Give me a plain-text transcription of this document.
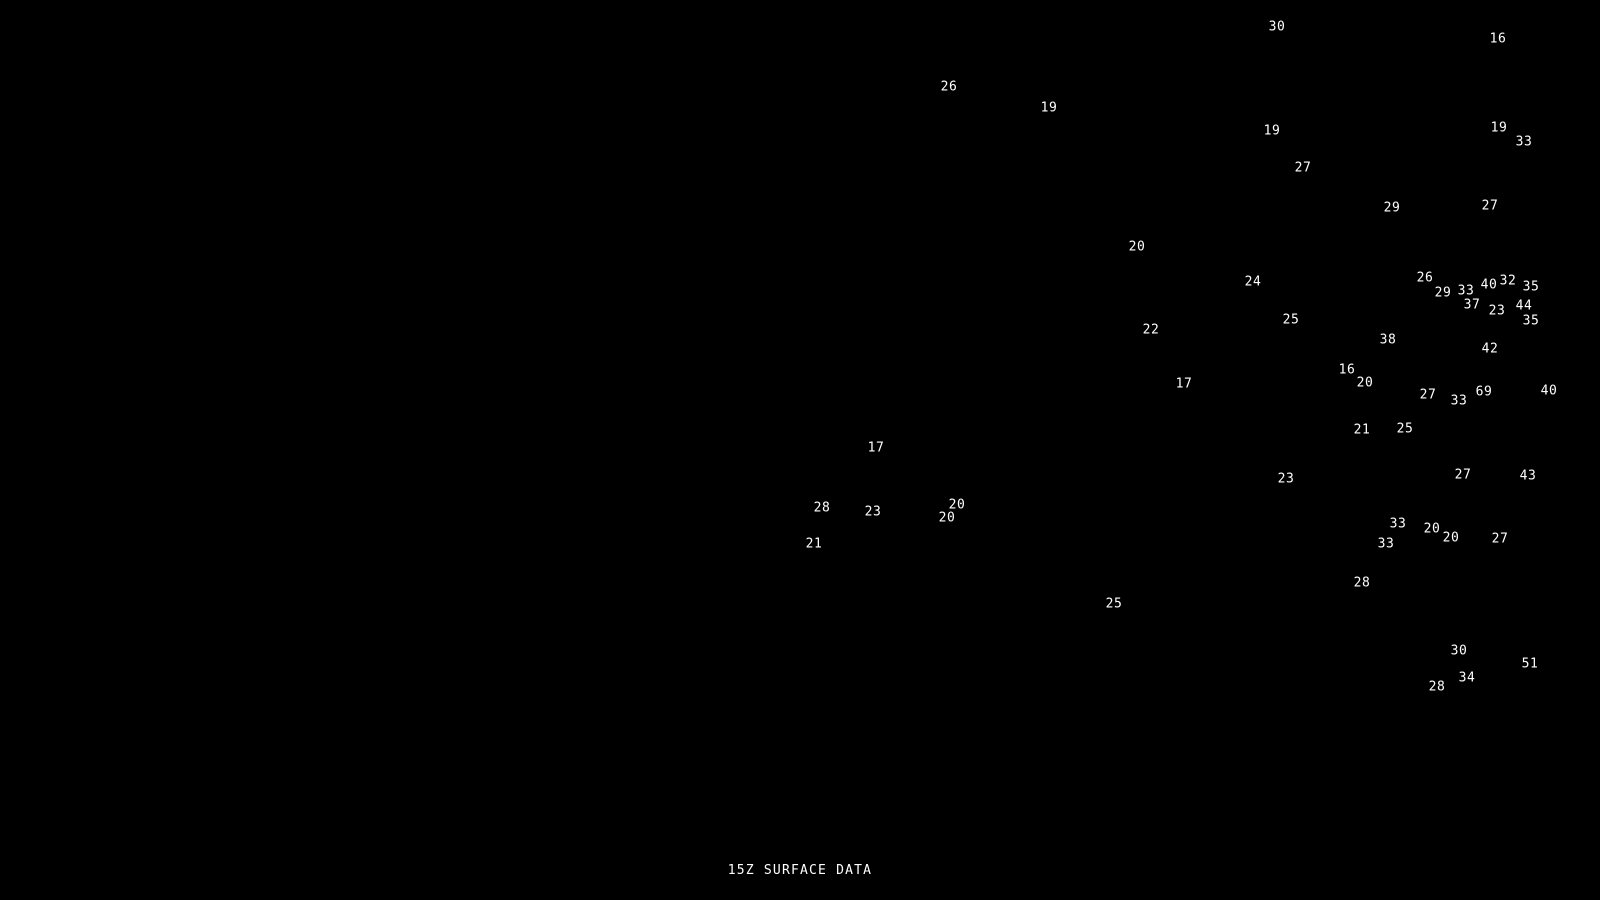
30
16
26
19
19	19
33
27
29	27
20
24	26
29 33 40 32 35
37 23 44
35
25
22
38
42
16
20
17
27 33
69	40
21 25
17
23	27	43
28	23	20
20	33 20
20 27
33
21
28
25
30
51
34
28
15Z SURFACE DATA
